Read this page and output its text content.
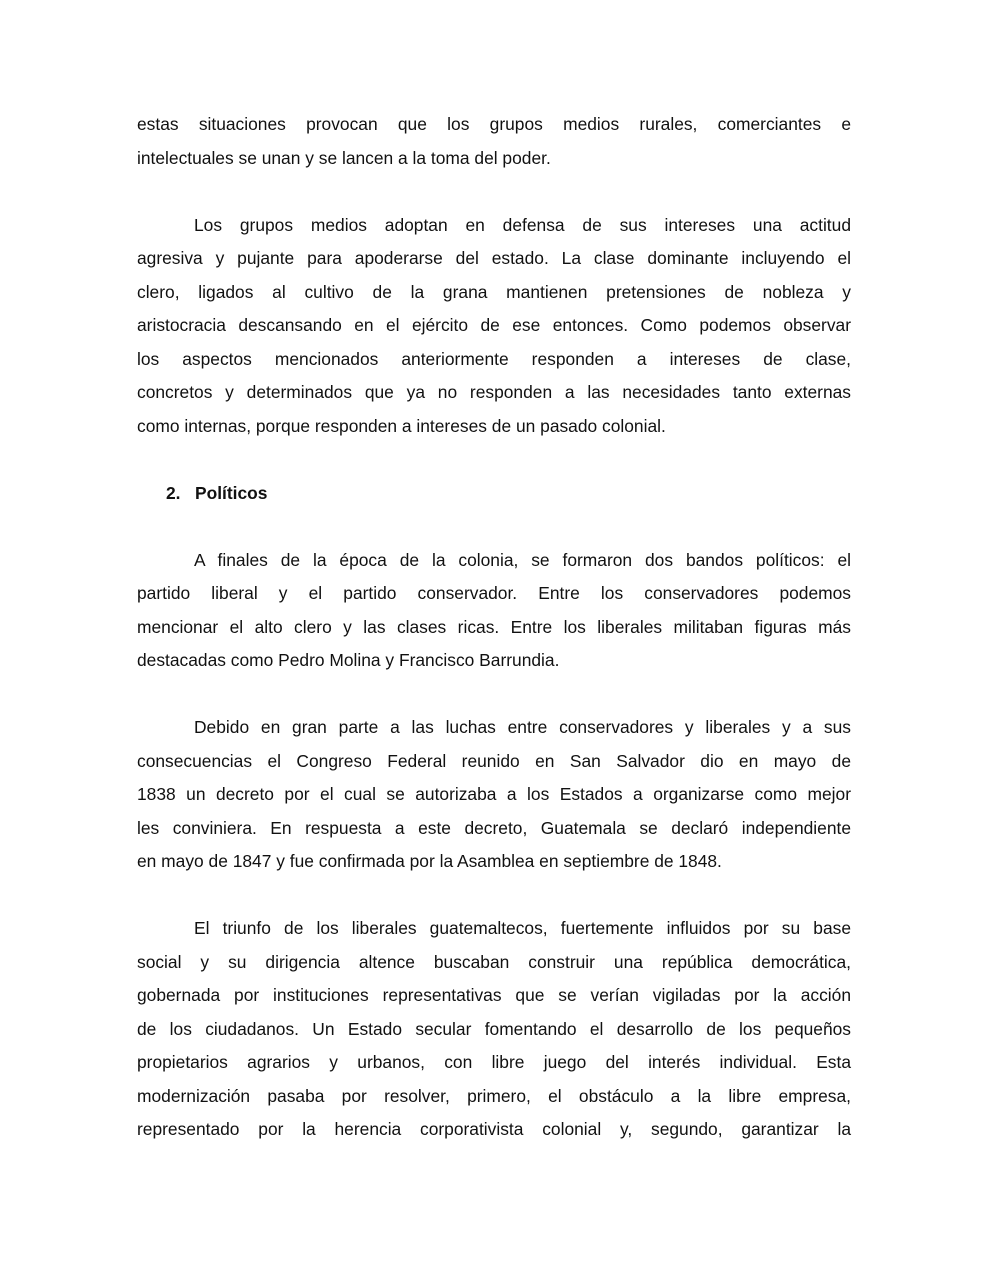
estas situaciones provocan que los grupos medios rurales, comerciantes e
intelectuales se unan y se lancen a la toma del poder.
Los grupos medios adoptan en defensa de sus intereses una actitud
agresiva y pujante para apoderarse del estado. La clase dominante incluyendo el
clero, ligados al cultivo de la grana mantienen pretensiones de nobleza y
aristocracia descansando en el ejército de ese entonces. Como podemos observar
los aspectos mencionados anteriormente responden a intereses de clase,
concretos y determinados que ya no responden a las necesidades tanto externas
como internas, porque responden a intereses de un pasado colonial.
2. Políticos
A finales de la época de la colonia, se formaron dos bandos políticos: el
partido liberal y el partido conservador. Entre los conservadores podemos
mencionar el alto clero y las clases ricas. Entre los liberales militaban figuras más
destacadas como Pedro Molina y Francisco Barrundia.
Debido en gran parte a las luchas entre conservadores y liberales y a sus
consecuencias el Congreso Federal reunido en San Salvador dio en mayo de
1838 un decreto por el cual se autorizaba a los Estados a organizarse como mejor
les conviniera. En respuesta a este decreto, Guatemala se declaró independiente
en mayo de 1847 y fue confirmada por la Asamblea en septiembre de 1848.
El triunfo de los liberales guatemaltecos, fuertemente influidos por su base
social y su dirigencia altence buscaban construir una república democrática,
gobernada por instituciones representativas que se verían vigiladas por la acción
de los ciudadanos. Un Estado secular fomentando el desarrollo de los pequeños
propietarios agrarios y urbanos, con libre juego del interés individual. Esta
modernización pasaba por resolver, primero, el obstáculo a la libre empresa,
representado por la herencia corporativista colonial y, segundo, garantizar la
